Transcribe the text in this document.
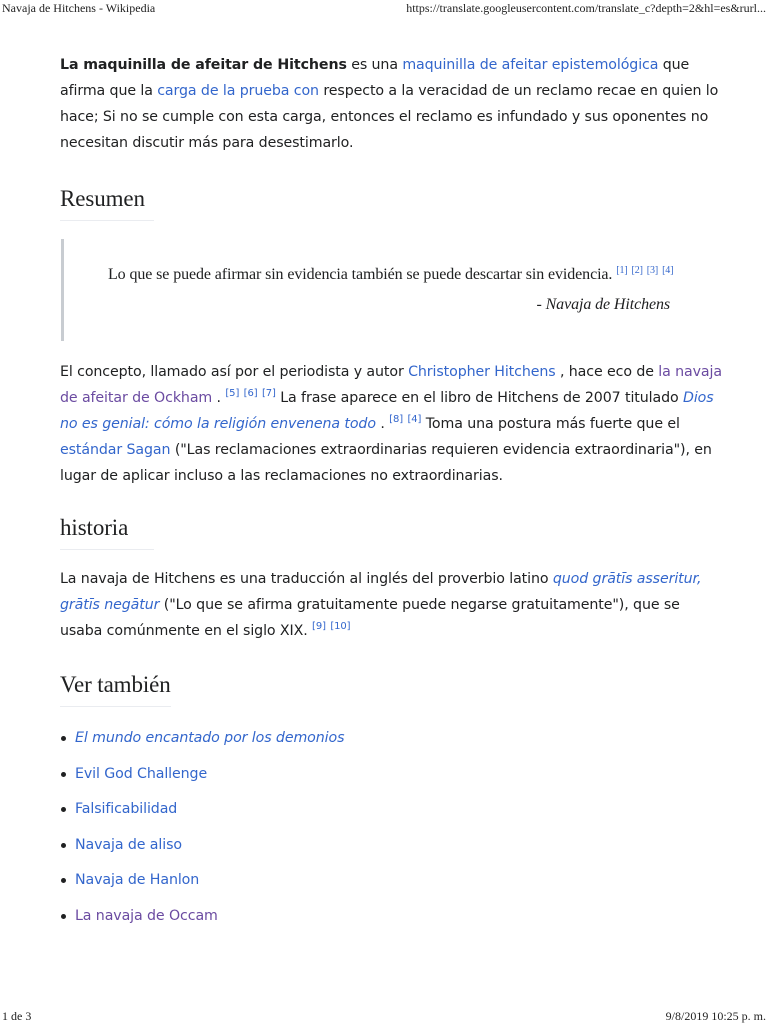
Navaja de Hitchens - Wikipedia	https://translate.googleusercontent.com/translate_c?depth=2&hl=es&rurl...

La maquinilla de afeitar de Hitchens es una maquinilla de afeitar epistemológica que afirma que la carga de la prueba con respecto a la veracidad de un reclamo recae en quien lo hace; Si no se cumple con esta carga, entonces el reclamo es infundado y sus oponentes no necesitan discutir más para desestimarlo.

Resumen
Lo que se puede afirmar sin evidencia también se puede descartar sin evidencia. [1] [2] [3] [4]
- Navaja de Hitchens

El concepto, llamado así por el periodista y autor Christopher Hitchens , hace eco de la navaja de afeitar de Ockham . [5] [6] [7] La frase aparece en el libro de Hitchens de 2007 titulado Dios no es genial: cómo la religión envenena todo . [8] [4] Toma una postura más fuerte que el estándar Sagan ("Las reclamaciones extraordinarias requieren evidencia extraordinaria"), en lugar de aplicar incluso a las reclamaciones no extraordinarias.

historia

La navaja de Hitchens es una traducción al inglés del proverbio latino quod grātīs asseritur, grātīs negātur ("Lo que se afirma gratuitamente puede negarse gratuitamente"), que se usaba comúnmente en el siglo XIX. [9] [10]

Ver también
El mundo encantado por los demonios
Evil God Challenge
Falsificabilidad
Navaja de aliso
Navaja de Hanlon
La navaja de Occam
1 de 3	9/8/2019 10:25 p. m.
